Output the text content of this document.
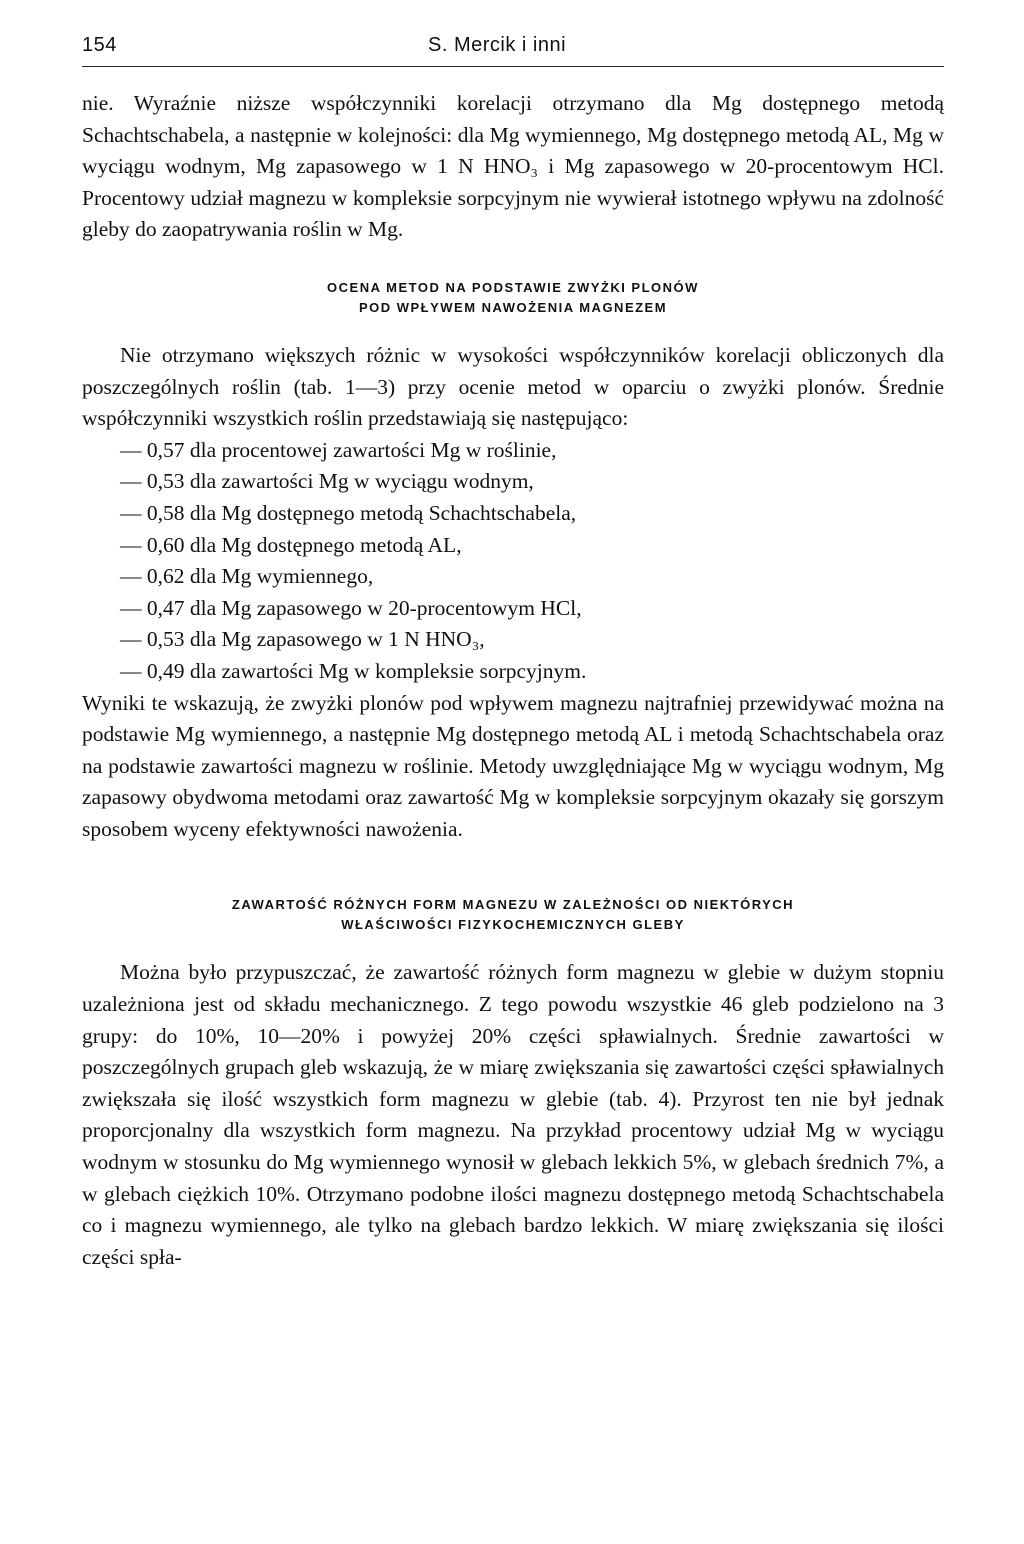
154	S. Mercik i inni

nie. Wyraźnie niższe współczynniki korelacji otrzymano dla Mg dostępnego metodą Schachtschabela, a następnie w kolejności: dla Mg wymiennego, Mg dostępnego metodą AL, Mg w wyciągu wodnym, Mg zapasowego w 1 N HNO₃ i Mg zapasowego w 20-procentowym HCl. Procentowy udział magnezu w kompleksie sorpcyjnym nie wywierał istotnego wpływu na zdolność gleby do zaopatrywania roślin w Mg.

OCENA METOD NA PODSTAWIE ZWYŻKI PLONÓW
POD WPŁYWEM NAWOŻENIA MAGNEZEM

Nie otrzymano większych różnic w wysokości współczynników korelacji obliczonych dla poszczególnych roślin (tab. 1—3) przy ocenie metod w oparciu o zwyżki plonów. Średnie współczynniki wszystkich roślin przedstawiają się następująco:

— 0,57 dla procentowej zawartości Mg w roślinie,
— 0,53 dla zawartości Mg w wyciągu wodnym,
— 0,58 dla Mg dostępnego metodą Schachtschabela,
— 0,60 dla Mg dostępnego metodą AL,
— 0,62 dla Mg wymiennego,
— 0,47 dla Mg zapasowego w 20-procentowym HCl,
— 0,53 dla Mg zapasowego w 1 N HNO₃,
— 0,49 dla zawartości Mg w kompleksie sorpcyjnym.

Wyniki te wskazują, że zwyżki plonów pod wpływem magnezu najtrafniej przewidywać można na podstawie Mg wymiennego, a następnie Mg dostępnego metodą AL i metodą Schachtschabela oraz na podstawie zawartości magnezu w roślinie. Metody uwzględniające Mg w wyciągu wodnym, Mg zapasowy obydwoma metodami oraz zawartość Mg w kompleksie sorpcyjnym okazały się gorszym sposobem wyceny efektywności nawożenia.

ZAWARTOŚĆ RÓŻNYCH FORM MAGNEZU W ZALEŻNOŚCI OD NIEKTÓRYCH
WŁAŚCIWOŚCI FIZYKOCHEMICZNYCH GLEBY

Można było przypuszczać, że zawartość różnych form magnezu w glebie w dużym stopniu uzależniona jest od składu mechanicznego. Z tego powodu wszystkie 46 gleb podzielono na 3 grupy: do 10%, 10—20% i powyżej 20% części spławialnych. Średnie zawartości w poszczególnych grupach gleb wskazują, że w miarę zwiększania się zawartości części spławialnych zwiększała się ilość wszystkich form magnezu w glebie (tab. 4). Przyrost ten nie był jednak proporcjonalny dla wszystkich form magnezu. Na przykład procentowy udział Mg w wyciągu wodnym w stosunku do Mg wymiennego wynosił w glebach lekkich 5%, w glebach średnich 7%, a w glebach ciężkich 10%. Otrzymano podobne ilości magnezu dostępnego metodą Schachtschabela co i magnezu wymiennego, ale tylko na glebach bardzo lekkich. W miarę zwiększania się ilości części spła-
